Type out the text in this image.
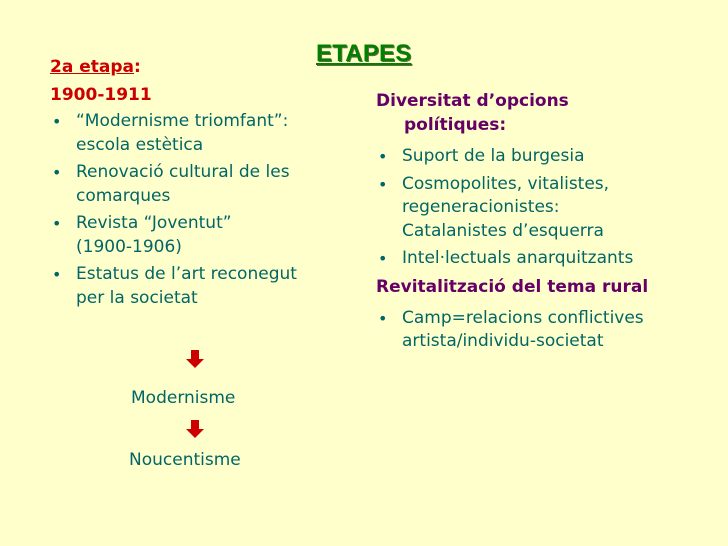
ETAPES
2a etapa:
1900-1911
• “Modernisme triomfant”:
escola estètica
• Renovació cultural de les
comarques
• Revista “Joventut”
(1900-1906)
• Estatus de l’art reconegut
per la societat
Modernisme
Noucentisme
Diversitat d’opcions
polítiques:
• Suport de la burgesia
• Cosmopolites, vitalistes,
regeneracionistes:
Catalanistes d’esquerra
• Intel·lectuals anarquitzants
Revitalització del tema rural
• Camp=relacions conflictives
artista/individu-societat
